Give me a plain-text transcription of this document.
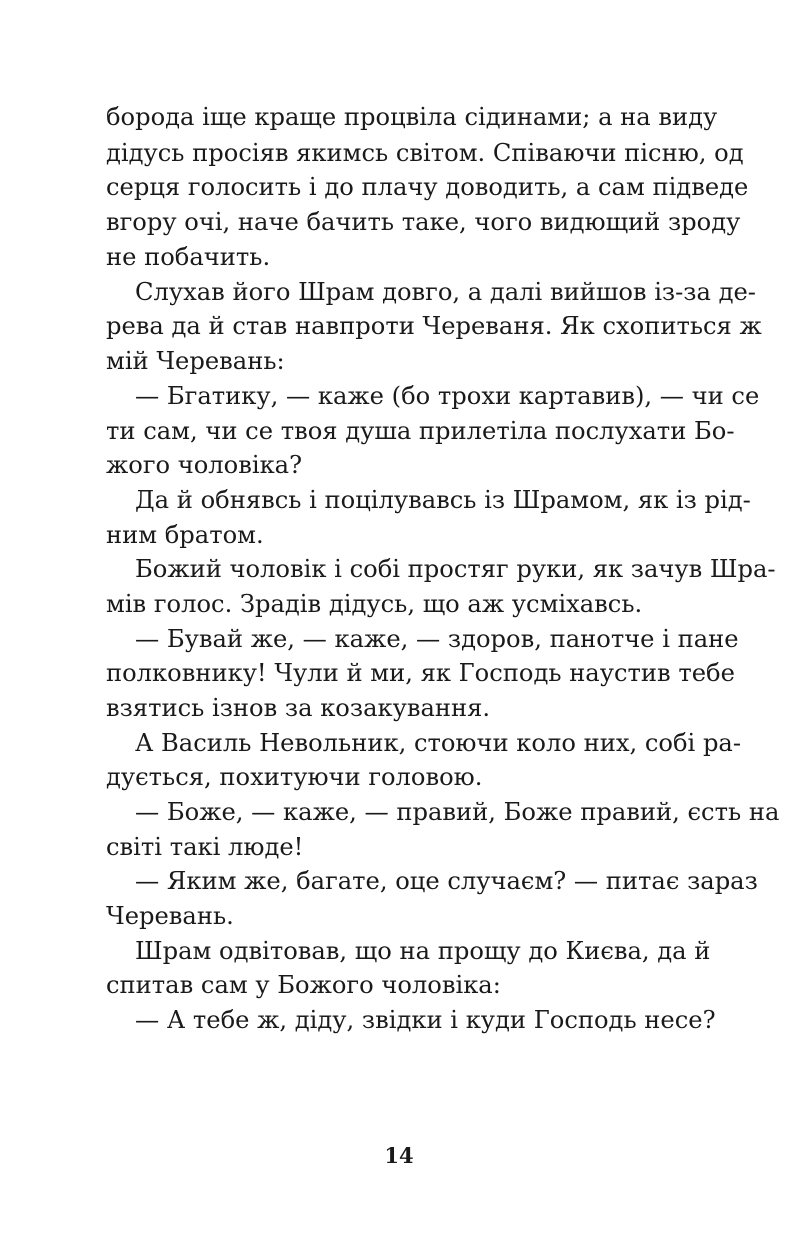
борода іще краще процвіла сідинами; а на виду
дідусь просіяв якимсь світом. Співаючи пісню, од
серця голосить і до плачу доводить, а сам підведе
вгору очі, наче бачить таке, чого видющий зроду
не побачить.
Слухав його Шрам довго, а далі вийшов із-за де-
рева да й став навпроти Череваня. Як схопиться ж
мій Черевань:
— Бгатику, — каже (бо трохи картавив), — чи се
ти сам, чи се твоя душа прилетіла послухати Бо-
жого чоловіка?
Да й обнявсь і поцілувавсь із Шрамом, як із рід-
ним братом.
Божий чоловік і собі простяг руки, як зачув Шра-
мів голос. Зрадів дідусь, що аж усміхавсь.
— Бувай же, — каже, — здоров, панотче і пане
полковнику! Чули й ми, як Господь наустив тебе
взятись ізнов за козакування.
А Василь Невольник, стоючи коло них, собі ра-
дується, похитуючи головою.
— Боже, — каже, — правий, Боже правий, єсть на
світі такі люде!
— Яким же, багате, оце случаєм? — питає зараз
Черевань.
Шрам одвітовав, що на прощу до Києва, да й
спитав сам у Божого чоловіка:
— А тебе ж, діду, звідки і куди Господь несе?
14
